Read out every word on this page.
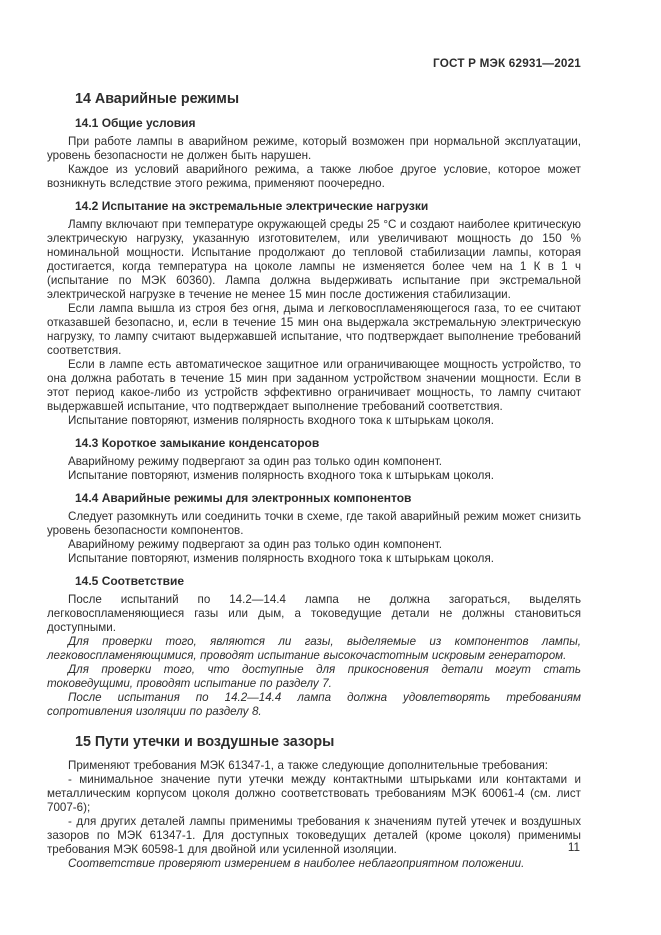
ГОСТ Р МЭК 62931—2021
14 Аварийные режимы
14.1 Общие условия

При работе лампы в аварийном режиме, который возможен при нормальной эксплуатации, уровень безопасности не должен быть нарушен.

Каждое из условий аварийного режима, а также любое другое условие, которое может возникнуть вследствие этого режима, применяют поочередно.

14.2 Испытание на экстремальные электрические нагрузки

Лампу включают при температуре окружающей среды 25 °С и создают наиболее критическую электрическую нагрузку, указанную изготовителем, или увеличивают мощность до 150 % номинальной мощности. Испытание продолжают до тепловой стабилизации лампы, которая достигается, когда температура на цоколе лампы не изменяется более чем на 1 К в 1 ч (испытание по МЭК 60360). Лампа должна выдерживать испытание при экстремальной электрической нагрузке в течение не менее 15 мин после достижения стабилизации.

Если лампа вышла из строя без огня, дыма и легковоспламеняющегося газа, то ее считают отказавшей безопасно, и, если в течение 15 мин она выдержала экстремальную электрическую нагрузку, то лампу считают выдержавшей испытание, что подтверждает выполнение требований соответствия.

Если в лампе есть автоматическое защитное или ограничивающее мощность устройство, то она должна работать в течение 15 мин при заданном устройством значении мощности. Если в этот период какое-либо из устройств эффективно ограничивает мощность, то лампу считают выдержавшей испытание, что подтверждает выполнение требований соответствия.

Испытание повторяют, изменив полярность входного тока к штырькам цоколя.

14.3 Короткое замыкание конденсаторов

Аварийному режиму подвергают за один раз только один компонент.

Испытание повторяют, изменив полярность входного тока к штырькам цоколя.

14.4 Аварийные режимы для электронных компонентов

Следует разомкнуть или соединить точки в схеме, где такой аварийный режим может снизить уровень безопасности компонентов.

Аварийному режиму подвергают за один раз только один компонент.

Испытание повторяют, изменив полярность входного тока к штырькам цоколя.

14.5 Соответствие

После испытаний по 14.2—14.4 лампа не должна загораться, выделять легковоспламеняющиеся газы или дым, а токоведущие детали не должны становиться доступными.

Для проверки того, являются ли газы, выделяемые из компонентов лампы, легковоспламеняющимися, проводят испытание высокочастотным искровым генератором.

Для проверки того, что доступные для прикосновения детали могут стать токоведущими, проводят испытание по разделу 7.

После испытания по 14.2—14.4 лампа должна удовлетворять требованиям сопротивления изоляции по разделу 8.

15 Пути утечки и воздушные зазоры

Применяют требования МЭК 61347-1, а также следующие дополнительные требования:

- минимальное значение пути утечки между контактными штырьками или контактами и металлическим корпусом цоколя должно соответствовать требованиям МЭК 60061-4 (см. лист 7007-6);

- для других деталей лампы применимы требования к значениям путей утечек и воздушных зазоров по МЭК 61347-1. Для доступных токоведущих деталей (кроме цоколя) применимы требования МЭК 60598-1 для двойной или усиленной изоляции.

Соответствие проверяют измерением в наиболее неблагоприятном положении.

11
